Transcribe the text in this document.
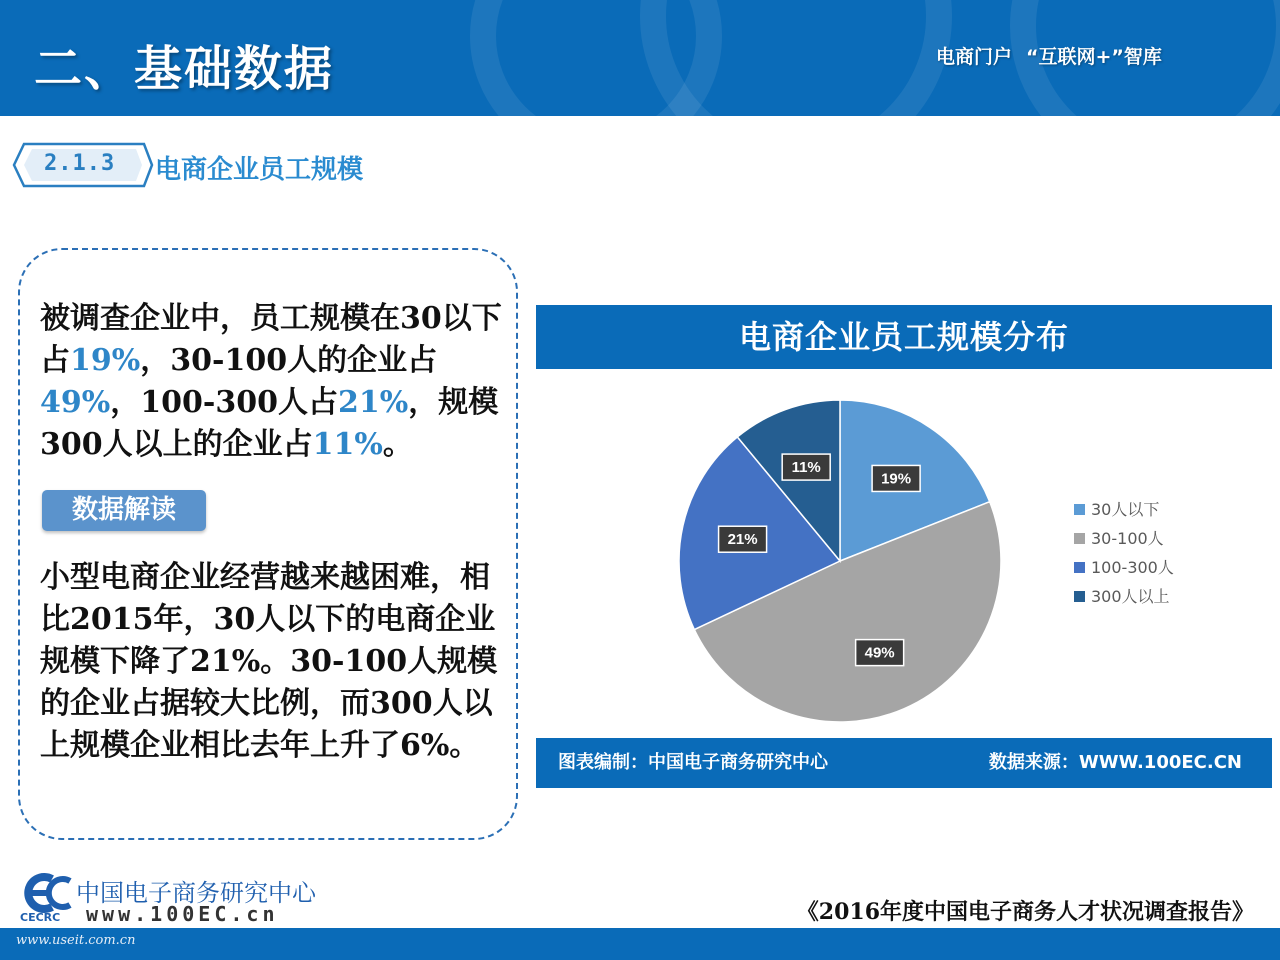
二、基础数据	电商门户 “互联网+”智库
2.1.3 电商企业员工规模
被调查企业中，员工规模在30以下占19%，30-100人的企业占49%，100-300人占21%，规模300人以上的企业占11%。
数据解读
小型电商企业经营越来越困难，相比2015年，30人以下的电商企业规模下降了21%。30-100人规模的企业占据较大比例，而300人以上规模企业相比去年上升了6%。
电商企业员工规模分布
19%
49%
21%
11%
30人以下
30-100人
100-300人
300人以上
图表编制：中国电子商务研究中心	数据来源：WWW.100EC.CN
中国电子商务研究中心
www.100EC.cn
CECRC	《2016年度中国电子商务人才状况调查报告》
www.useit.com.cn
